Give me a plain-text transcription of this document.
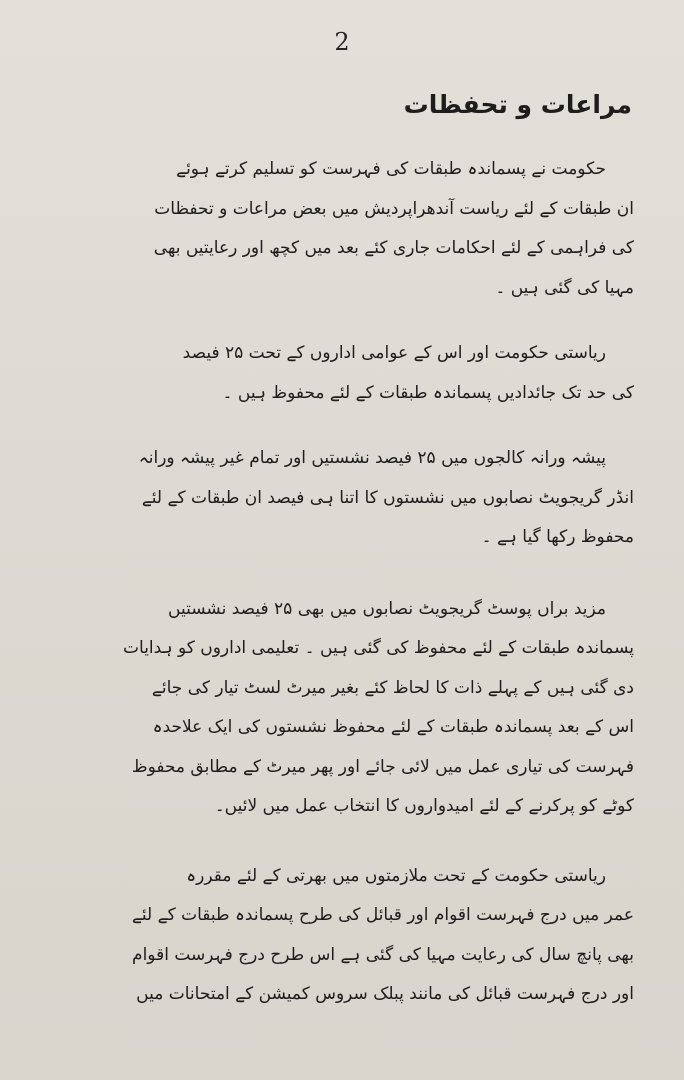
2
مراعات و تحفظات
حکومت نے پسماندہ طبقات کی فہرست کو تسلیم کرتے ہوئے
ان طبقات کے لئے ریاست آندھراپردیش میں بعض مراعات و تحفظات
کی فراہمی کے لئے احکامات جاری کئے بعد میں کچھ اور رعایتیں بھی
مہیا کی گئی ہیں ۔
ریاستی حکومت اور اس کے عوامی اداروں کے تحت ۲۵ فیصد
کی حد تک جائدادیں پسماندہ طبقات کے لئے محفوظ ہیں ۔
پیشہ ورانہ کالجوں میں ۲۵ فیصد نشستیں اور تمام غیر پیشہ ورانہ
انڈر گریجویٹ نصابوں میں نشستوں کا اتنا ہی فیصد ان طبقات کے لئے
محفوظ رکھا گیا ہے ۔
مزید براں پوسٹ گریجویٹ نصابوں میں بھی ۲۵ فیصد نشستیں
پسماندہ طبقات کے لئے محفوظ کی گئی ہیں ۔ تعلیمی اداروں کو ہدایات
دی گئی ہیں کے پہلے ذات کا لحاظ کئے بغیر میرٹ لسٹ تیار کی جائے
اس کے بعد پسماندہ طبقات کے لئے محفوظ نشستوں کی ایک علاحدہ
فہرست کی تیاری عمل میں لائی جائے اور پھر میرٹ کے مطابق محفوظ
کوٹے کو پرکرنے کے لئے امیدواروں کا انتخاب عمل میں لائیں۔
ریاستی حکومت کے تحت ملازمتوں میں بھرتی کے لئے مقررہ
عمر میں درج فہرست اقوام اور قبائل کی طرح پسماندہ طبقات کے لئے
بھی پانچ سال کی رعایت مہیا کی گئی ہے اس طرح درج فہرست اقوام
اور درج فہرست قبائل کی مانند پبلک سروس کمیشن کے امتحانات میں
